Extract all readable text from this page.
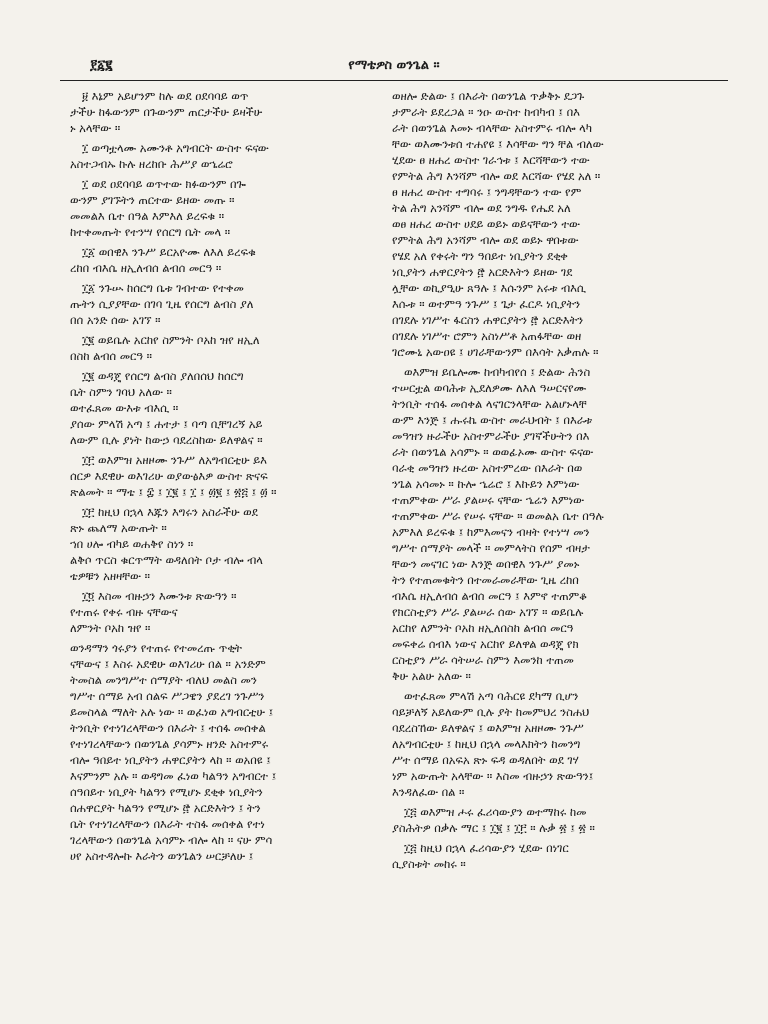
፻፩፪	የማቴዎስ ወንጌል ።

፱ እኔም አይሆንም ከሉ ወደ ዐደባባይ ወጥ
ታችሁ ከፋውንም በጉውንም ጠርታችሁ ይዛችሁ
ኑ አላቸው ።

፲ ወጣቷላሙ አሙንቶ አግብርት ውስተ ፍናው
አስተጋብኡ ኩሉ ዘረከቡ ሕሥያ ወኄሬሮ

፲ ወደ ዐደባባይ ወጥተው ክፉውንም በጐ
ውንም ያገኙትን ጠርተው ይዘው መጡ ።
መመልእ ቤተ በዓል እምእለ ይረፍቁ ።
ከተቀመጡት የተንሣ የሰርግ ቤት መላ ።

፲፩ ወበዊእ ንጉሥ ይርአዮሙ ለእለ ይረፍቁ
ረከበ ብእሴ ዘኢለብሰ ልብሰ መርዓ ።

፲፩ ንጉሡ ከሰርግ ቤቱ ገብተው የተቀመ
ጡትን ሲያያቸው በገባ ጊዜ የሰርግ ልብስ ያለ
በሰ አንድ ሰው አገኘ ።

፲፪ ወይቤሉ አርከየ ስምንት ቦአከ ዝየ ዘኢለ
በስከ ልብሰ መርዓ ።

፲፪ ወዳጄ የሰርግ ልብስ ያለበሰህ ከሰርግ
ቤት ስምን ገባህ አለው ።
ወተፈጸመ ውእቱ ብእሲ ።
ያሰው ምላሽ አጣ ፤ ሐተታ ፤ ባጣ ቢቸገረኝ አይ
ለውም ቢሉ ያነት ከውኃ ባደረስከው ይለዋልና ።

፲፫ ወእምዝ አዘዞሙ ንጉሥ ለአግብርቲሁ ይእ
ሰርዎ እደዊሁ ወእገሪሁ ወያውፅእዎ ውስተ ጽናፍ
ጽልመት ። ማቴ ፤ ፰ ፤ ፲፪ ፤ ፲ ፤ ፴፪ ፤ ፳፭ ፤ ፴ ።

፲፫ ከዚህ በኋላ እጁን እግሩን አስራችሁ ወደ
ጽኑ ጨለማ አውጡት ።
ኀበ ሀሎ ብካይ ወሐቅየ ስነን ።
ልቅሶ ጥርስ ቁርጥማት ወዳለበት ቦታ ብሎ ብላ
ቴዎቹን አዘዛቸው ።

፲፬ እስመ ብዙኃን እሙንቱ ጽውዓን ።
የተጠሩ የቀሩ ብዙ ናቸውና
ለምንት ቦአከ ዝየ ።

ወንዳማን ጎሩያን የተጠሩ የተመረጡ ጥቂት
ናቸውና ፤ እስሩ አደዊሁ ወእገሪሁ በል ። አንድም
ትመስል መንግሥተ ሰማያት ብለህ መልስ መን
ግሥተ ሰማይ አብ ሰልፍ ሥጋዌን ያደረገ ንጉሥን
ይመስላል ማለት አሉ ነው ። ወፈነወ አግብርቲሁ ፤
ትንቢት የተነገረላቸውን በእራት ፤ ተሰፋ መሰቀል
የተነገረላቸውን በወንጌል ያሳምኑ ዘንድ አስተምሩ
ብሎ ዓበይተ ነቢያትን ሐዋርያትን ላከ ። ወአበዩ ፤
እናምንም አሉ ። ወዳግመ ፈነወ ካልዓን አግብርተ ፤
ሰዓበይተ ነቢያት ካልዓን የሚሆኑ ደቂቀ ነቢያትን
ሰሐዋርያት ካልዓን የሚሆኑ ፸ አርድእትን ፤ ትን
ቤት የተነገረላቸውን በእራት ተስፋ መሰቀል የተነ
ገረላቸውን በወንጌል አሳምኑ ብሎ ላከ ። ናሁ ምሳ
ሀየ አስተዳሎኩ እራትን ወንጌልን ሠርቻለሁ ፤

ወዘሎ ድልው ፤ በእራት በወንጌል ጥቃቅኑ ደጋጉ
ታምራት ይደረጋል ። ንዑ ውስተ ከብካብ ፤ በእ
ራት በወንጌል እመኑ ብላቸው አስተምሩ ብሎ ላካ
ቸው ወእሙንቱሰ ተሐየዩ ፤ እሳቸው ግን ቸል ብለው
ሂደው ፀ ዘሐረ ውስተ ገራኅቱ ፤ እርሻቸውን ተው
የምትል ሕግ እንሻም ብሎ ወደ እርሻው የሄደ አለ ።
ፀ ዘሐረ ውስተ ተግባሩ ፤ ንግዳቸውን ተው የም
ትል ሕግ አንሻም ብሎ ወደ ንግዱ የሔደ አለ
ወፀ ዘሐረ ውስተ ሀደይ ወይኑ ወይናቸውን ተው
የምትል ሕግ አንሻም ብሎ ወደ ወይኑ ዋበቱው
የሄደ አለ የቀሩት ግን ዓበይተ ነቢያትን ደቂቀ
ነቢያትን ሐዋርያትን ፸ አርድእትን ይዘው ገደ
ሏቸው ወኪያዒሁ ጸዓሉ ፤ እሱንም አሩቱ ብእሲ
እሱቱ ። ወተምዓ ንጉሥ ፤ ጌታ ፈርዶ ነቢያትን
በገደሉ ነገሥተ ፋርስን ሐዋርያትን ፸ አርድእትን
በገደሉ ነገሥተ ሮምን አስነሥቶ አጠፋቸው ወዘ
ገሮሙኒ አውዐዩ ፤ ሀገራቸውንም በእሳት አቃጠሉ ።

ወእምዝ ይቤሎሙ ከብካብየሰ ፤ ድልው ሕንስ
ተሠርቷል ወባሕቱ ኢደለዎሙ ለእለ ዓሠርናየሙ
ትንቢት ተሰፋ መሰቀል ላናገርንላቸው አልሆኑላቸ
ውም እንጅ ፤ ሑሩኬ ውስተ መራህብት ፤ በእራቱ
መዓዝን ዙራችሁ አስተምራችሁ ያገኛችሁትን በእ
ራት በወንጌል አሳምኑ ። ወወፊኦሙ ውስተ ፍናው
ባራቂ መዓዝን ዙረው አስተምረው በእራት በወ
ንጌል አሳመኑ ። ኩሎ ኄሬሮ ፤ እኩይን እምነው
ተጠምቀው ሥራ ያልሠሩ ናቸው ኄሬን እምነው
ተጠምቀው ሥራ የሠሩ ናቸው ። ወመልአ ቤተ በዓሉ
አምእለ ይረፍቁ ፤ ከምእመናን ብዛት የተነሣ መን
ግሥተ ሰማያት መላች ። መምላትስ የሰም ብዛታ
ቸውን መናገር ነው እንጅ ወበዊእ ንጉሥ ያመኑ
ትን የተጠመቁትን በተመራመራቸው ጊዜ ረከበ
ብእሴ ዘኢለብሰ ልብሰ መርዓ ፤ እምኖ ተጠምቆ
የክርስቲያን ሥራ ያልሠራ ሰው አገኘ ። ወይቤሉ
አርከየ ለምንት ቦአከ ዘኢለበስከ ልብሰ መርዓ
መፍቀሬ ሰብእ ነውና አርከየ ይለዋል ወዳጄ የክ
ርስቲያን ሥራ ሳትሠራ ስምን እመንከ ተጠመ
ቅሁ አልሁ አለው ።

ወተፈጸመ ምላሽ አጣ ባሕርዩ ደካማ ቢሆን
ባይቻለኝ አይለውም ቢሉ ያት ከመምህረ ንስሐህ
ባደረስኸው ይለዋልና ፤ ወእምዝ አዘዞሙ ንጉሥ
ለአግብርቲሁ ፤ ከዚህ በኋላ መላእክትን ከመንግ
ሥተ ሰማይ በአፍአ ጽኑ ፍዳ ወዳለበት ወደ ገሃ
ነም አውጡት አላቸው ። እስመ ብዙኃን ጽውዓን፤
እንዳለፈው በል ።

፲፭ ወእምዝ ሖሩ ፈሪሳውያን ወተማከሩ ከመ
ያስሕትዎ በቃሉ ማር ፤ ፲፪ ፤ ፲፫ ። ሉቃ ፳ ፤ ፳ ።

፲፭ ከዚህ በኋላ ፈሪሳውያን ሂደው በነገር
ሲያስቱት መከሩ ።
